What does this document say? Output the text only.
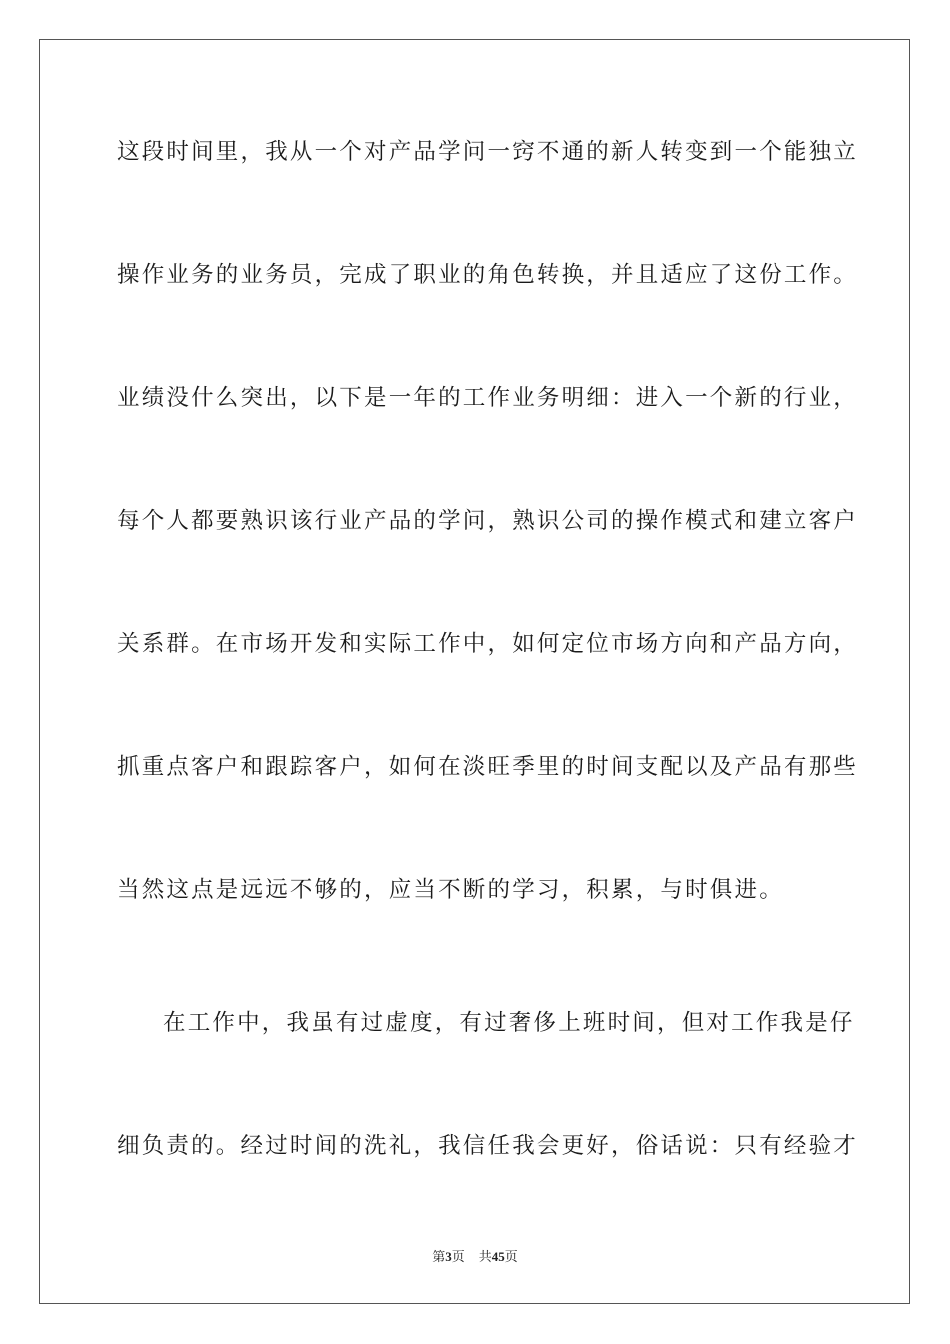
这段时间里，我从一个对产品学问一窍不通的新人转变到一个能独立
操作业务的业务员，完成了职业的角色转换，并且适应了这份工作。
业绩没什么突出，以下是一年的工作业务明细：进入一个新的行业，
每个人都要熟识该行业产品的学问，熟识公司的操作模式和建立客户
关系群。在市场开发和实际工作中，如何定位市场方向和产品方向，
抓重点客户和跟踪客户，如何在淡旺季里的时间支配以及产品有那些
当然这点是远远不够的，应当不断的学习，积累，与时俱进。
在工作中，我虽有过虚度，有过奢侈上班时间，但对工作我是仔
细负责的。经过时间的洗礼，我信任我会更好，俗话说：只有经验才
第3页 共45页
